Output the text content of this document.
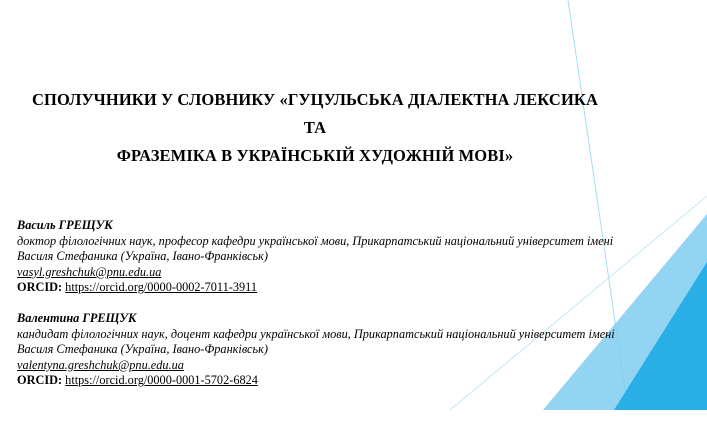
СПОЛУЧНИКИ У СЛОВНИКУ «ГУЦУЛЬСЬКА ДІАЛЕКТНА ЛЕКСИКА ТА
ФРАЗЕМІКА В УКРАЇНСЬКІЙ ХУДОЖНІЙ МОВІ»
Василь ГРЕЩУК
доктор філологічних наук, професор кафедри української мови, Прикарпатський національний університет імені
Василя Стефаника (Україна, Івано-Франківськ)
vasyl.greshchuk@pnu.edu.ua
ORCID: https://orcid.org/0000-0002-7011-3911
Валентина ГРЕЩУК
кандидат філологічних наук, доцент кафедри української мови, Прикарпатський національний університет імені
Василя Стефаника (Україна, Івано-Франківськ)
valentyna.greshchuk@pnu.edu.ua
ORCID: https://orcid.org/0000-0001-5702-6824
